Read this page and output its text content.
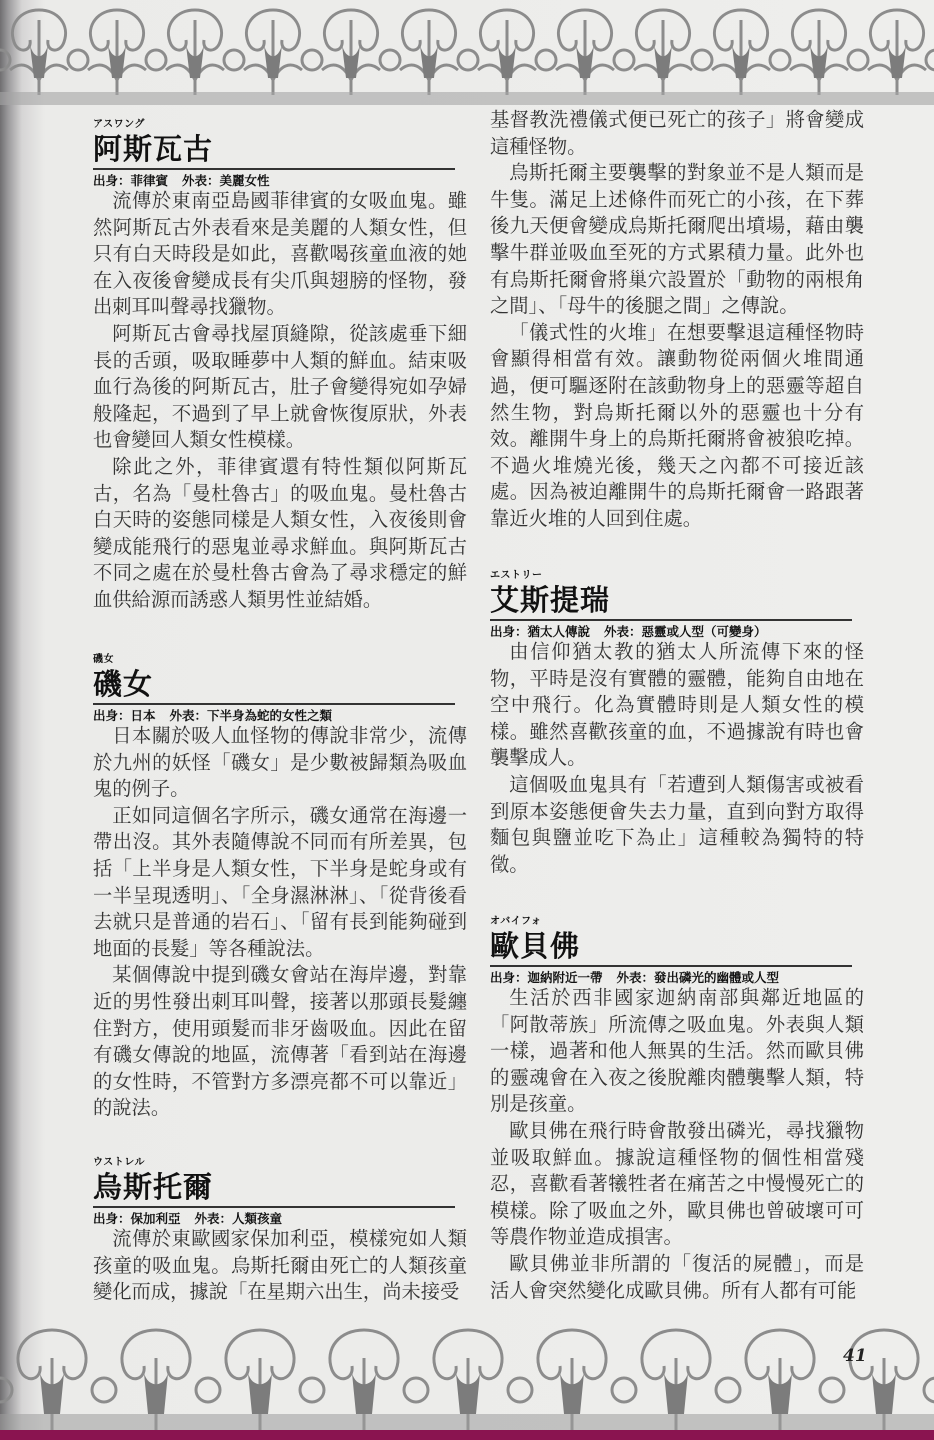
アスワング
阿斯瓦古
出身：菲律賓 外表：美麗女性

流傳於東南亞島國菲律賓的女吸血鬼。雖然阿斯瓦古外表看來是美麗的人類女性，但只有白天時段是如此，喜歡喝孩童血液的她在入夜後會變成長有尖爪與翅膀的怪物，發出刺耳叫聲尋找獵物。

阿斯瓦古會尋找屋頂縫隙，從該處垂下細長的舌頭，吸取睡夢中人類的鮮血。結束吸血行為後的阿斯瓦古，肚子會變得宛如孕婦般隆起，不過到了早上就會恢復原狀，外表也會變回人類女性模樣。

除此之外，菲律賓還有特性類似阿斯瓦古，名為「曼杜魯古」的吸血鬼。曼杜魯古白天時的姿態同樣是人類女性，入夜後則會變成能飛行的惡鬼並尋求鮮血。與阿斯瓦古不同之處在於曼杜魯古會為了尋求穩定的鮮血供給源而誘惑人類男性並結婚。

磯女
磯女
出身：日本 外表：下半身為蛇的女性之類

日本關於吸人血怪物的傳說非常少，流傳於九州的妖怪「磯女」是少數被歸類為吸血鬼的例子。

正如同這個名字所示，磯女通常在海邊一帶出沒。其外表隨傳說不同而有所差異，包括「上半身是人類女性，下半身是蛇身或有一半呈現透明」、「全身濕淋淋」、「從背後看去就只是普通的岩石」、「留有長到能夠碰到地面的長髮」等各種說法。

某個傳說中提到磯女會站在海岸邊，對靠近的男性發出刺耳叫聲，接著以那頭長髮纏住對方，使用頭髮而非牙齒吸血。因此在留有磯女傳說的地區，流傳著「看到站在海邊的女性時，不管對方多漂亮都不可以靠近」的說法。

ウストレル
烏斯托爾
出身：保加利亞 外表：人類孩童

流傳於東歐國家保加利亞，模樣宛如人類孩童的吸血鬼。烏斯托爾由死亡的人類孩童變化而成，據說「在星期六出生，尚未接受

基督教洗禮儀式便已死亡的孩子」將會變成這種怪物。

烏斯托爾主要襲擊的對象並不是人類而是牛隻。滿足上述條件而死亡的小孩，在下葬後九天便會變成烏斯托爾爬出墳場，藉由襲擊牛群並吸血至死的方式累積力量。此外也有烏斯托爾會將巢穴設置於「動物的兩根角之間」、「母牛的後腿之間」之傳說。

「儀式性的火堆」在想要擊退這種怪物時會顯得相當有效。讓動物從兩個火堆間通過，便可驅逐附在該動物身上的惡靈等超自然生物，對烏斯托爾以外的惡靈也十分有效。離開牛身上的烏斯托爾將會被狼吃掉。不過火堆燒光後，幾天之內都不可接近該處。因為被迫離開牛的烏斯托爾會一路跟著靠近火堆的人回到住處。

エストリー
艾斯提瑞
出身：猶太人傳說 外表：惡靈或人型（可變身）

由信仰猶太教的猶太人所流傳下來的怪物，平時是沒有實體的靈體，能夠自由地在空中飛行。化為實體時則是人類女性的模樣。雖然喜歡孩童的血，不過據說有時也會襲擊成人。

這個吸血鬼具有「若遭到人類傷害或被看到原本姿態便會失去力量，直到向對方取得麵包與鹽並吃下為止」這種較為獨特的特徵。

オバイフォ
歐貝佛
出身：迦納附近一帶 外表：發出磷光的幽體或人型

生活於西非國家迦納南部與鄰近地區的「阿散蒂族」所流傳之吸血鬼。外表與人類一樣，過著和他人無異的生活。然而歐貝佛的靈魂會在入夜之後脫離肉體襲擊人類，特別是孩童。

歐貝佛在飛行時會散發出磷光，尋找獵物並吸取鮮血。據說這種怪物的個性相當殘忍，喜歡看著犧牲者在痛苦之中慢慢死亡的模樣。除了吸血之外，歐貝佛也曾破壞可可等農作物並造成損害。

歐貝佛並非所謂的「復活的屍體」，而是活人會突然變化成歐貝佛。所有人都有可能

41
